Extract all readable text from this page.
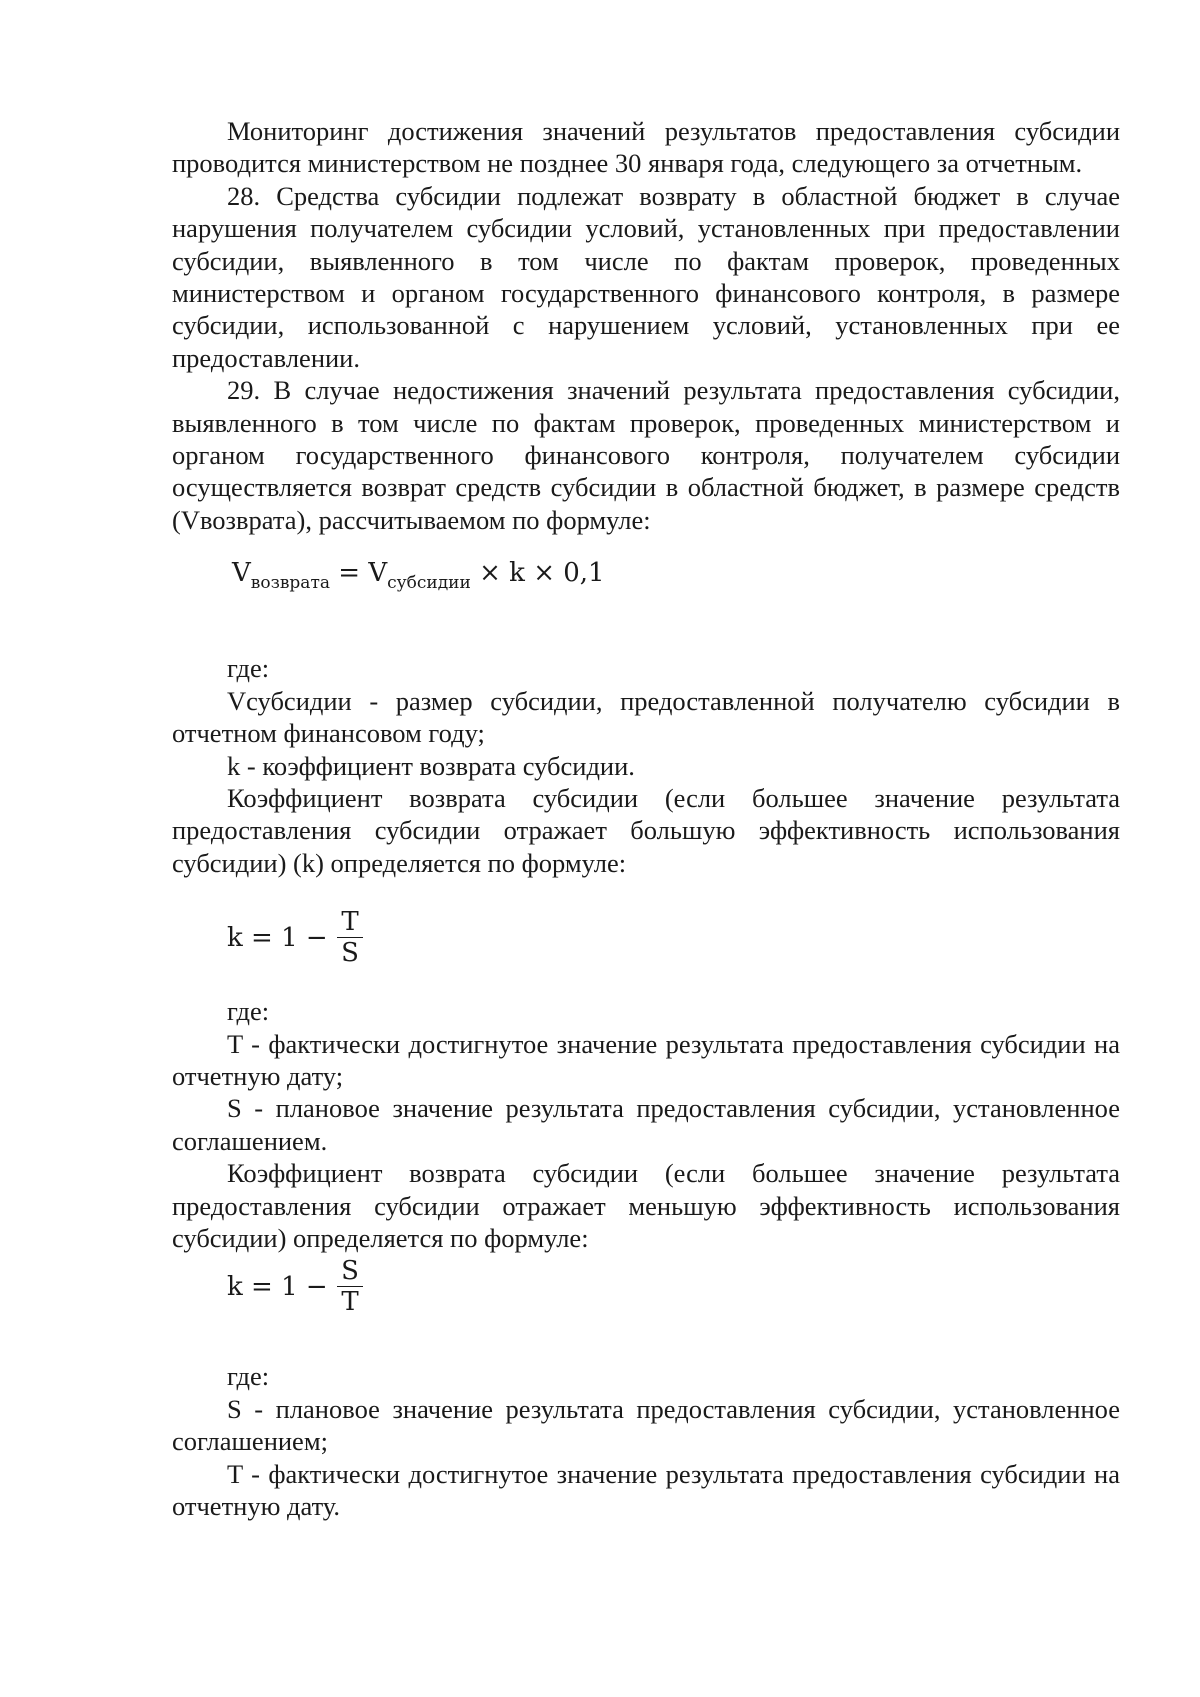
Мониторинг достижения значений результатов предоставления субсидии проводится министерством не позднее 30 января года, следующего за отчетным.

28. Средства субсидии подлежат возврату в областной бюджет в случае нарушения получателем субсидии условий, установленных при предоставлении субсидии, выявленного в том числе по фактам проверок, проведенных министерством и органом государственного финансового контроля, в размере субсидии, использованной с нарушением условий, установленных при ее предоставлении.

29. В случае недостижения значений результата предоставления субсидии, выявленного в том числе по фактам проверок, проведенных министерством и органом государственного финансового контроля, получателем субсидии осуществляется возврат средств субсидии в областной бюджет, в размере средств (Vвозврата), рассчитываемом по формуле:

$V_{возврата} = V_{субсидии} \times k \times 0,1$

где:

Vсубсидии - размер субсидии, предоставленной получателю субсидии в отчетном финансовом году;

k - коэффициент возврата субсидии.

Коэффициент возврата субсидии (если большее значение результата предоставления субсидии отражает большую эффективность использования субсидии) (k) определяется по формуле:

$k = 1 - \frac{T}{S}$

где:

T - фактически достигнутое значение результата предоставления субсидии на отчетную дату;

S - плановое значение результата предоставления субсидии, установленное соглашением.

Коэффициент возврата субсидии (если большее значение результата предоставления субсидии отражает меньшую эффективность использования субсидии) определяется по формуле:

$k = 1 - \frac{S}{T}$

где:

S - плановое значение результата предоставления субсидии, установленное соглашением;

T - фактически достигнутое значение результата предоставления субсидии на отчетную дату.
